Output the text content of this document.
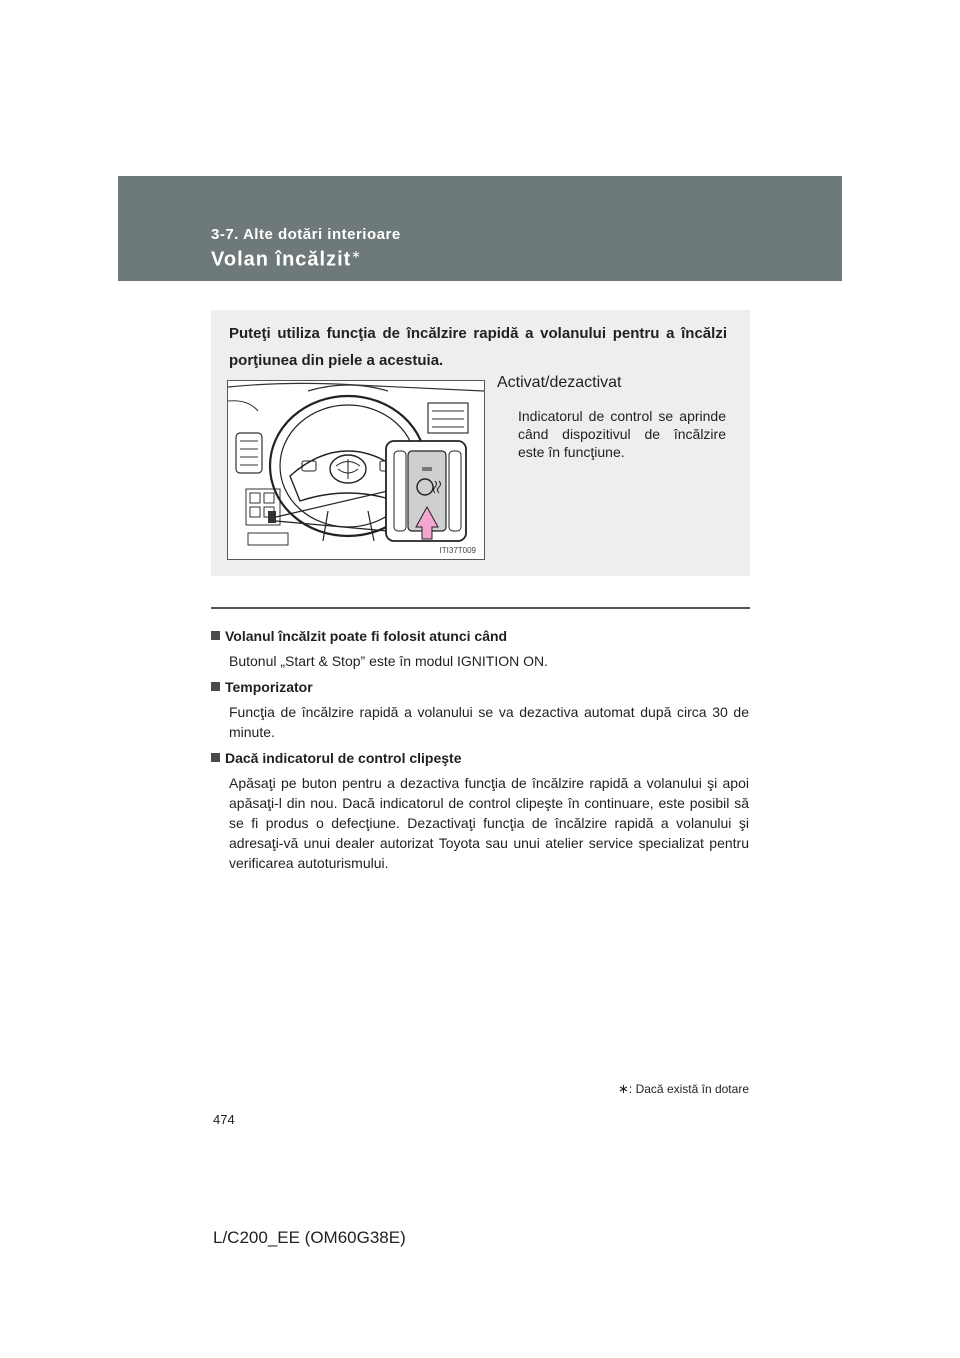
3-7. Alte dotări interioare
Volan încălzit∗
Puteţi utiliza funcţia de încălzire rapidă a volanului pentru a încălzi porţiunea din piele a acestuia.
ITI37T009
Activat/dezactivat
Indicatorul de control se aprinde când dispozitivul de încălzire este în funcţiune.
Volanul încălzit poate fi folosit atunci când
Butonul „Start & Stop” este în modul IGNITION ON.
Temporizator
Funcţia de încălzire rapidă a volanului se va dezactiva automat după circa 30 de minute.
Dacă indicatorul de control clipeşte
Apăsaţi pe buton pentru a dezactiva funcţia de încălzire rapidă a volanului şi apoi apăsaţi-l din nou. Dacă indicatorul de control clipeşte în continuare, este posibil să se fi produs o defecţiune. Dezactivaţi funcţia de încălzire rapidă a volanului şi adresaţi-vă unui dealer autorizat Toyota sau unui atelier service specializat pentru verificarea autoturismului.
∗: Dacă există în dotare
474
L/C200_EE (OM60G38E)
